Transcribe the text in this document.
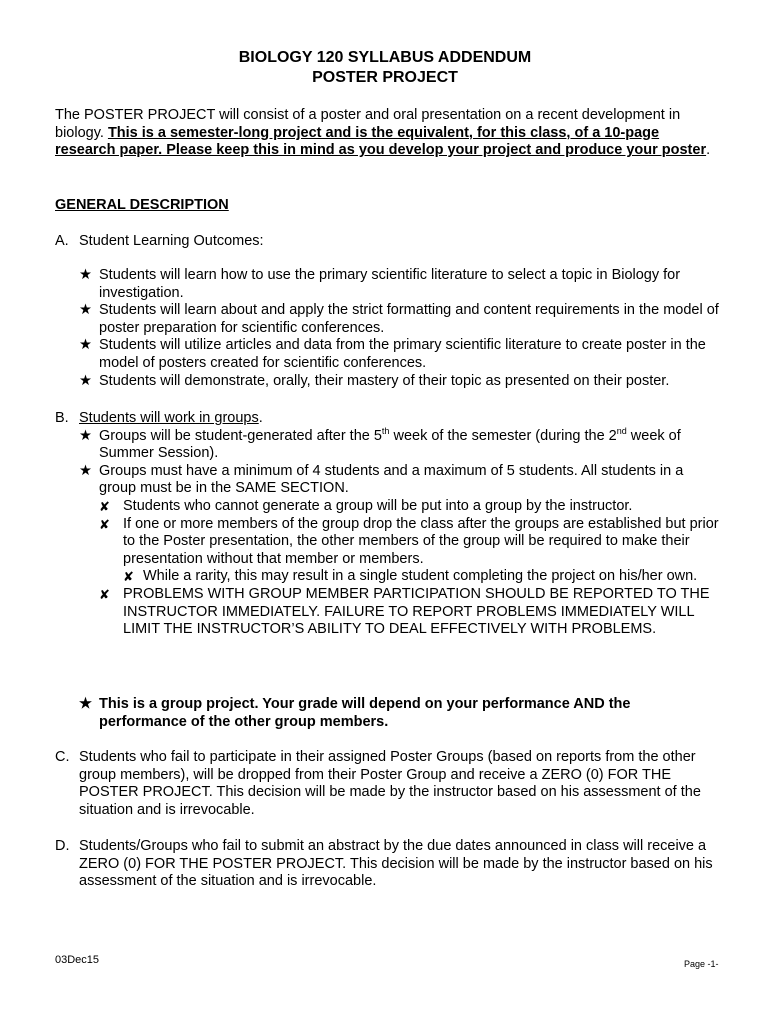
BIOLOGY 120 SYLLABUS ADDENDUM
POSTER PROJECT
The POSTER PROJECT will consist of a poster and oral presentation on a recent development in biology. This is a semester-long project and is the equivalent, for this class, of a 10-page research paper. Please keep this in mind as you develop your project and produce your poster.
GENERAL DESCRIPTION
A. Student Learning Outcomes:
★ Students will learn how to use the primary scientific literature to select a topic in Biology for investigation.
★ Students will learn about and apply the strict formatting and content requirements in the model of poster preparation for scientific conferences.
★ Students will utilize articles and data from the primary scientific literature to create poster in the model of posters created for scientific conferences.
★ Students will demonstrate, orally, their mastery of their topic as presented on their poster.
B. Students will work in groups.
★ Groups will be student-generated after the 5th week of the semester (during the 2nd week of Summer Session).
★ Groups must have a minimum of 4 students and a maximum of 5 students. All students in a group must be in the SAME SECTION.
✘ Students who cannot generate a group will be put into a group by the instructor.
✘ If one or more members of the group drop the class after the groups are established but prior to the Poster presentation, the other members of the group will be required to make their presentation without that member or members.
✘ While a rarity, this may result in a single student completing the project on his/her own.
✘ PROBLEMS WITH GROUP MEMBER PARTICIPATION SHOULD BE REPORTED TO THE INSTRUCTOR IMMEDIATELY. FAILURE TO REPORT PROBLEMS IMMEDIATELY WILL LIMIT THE INSTRUCTOR’S ABILITY TO DEAL EFFECTIVELY WITH PROBLEMS.
★ This is a group project. Your grade will depend on your performance AND the performance of the other group members.
C. Students who fail to participate in their assigned Poster Groups (based on reports from the other group members), will be dropped from their Poster Group and receive a ZERO (0) FOR THE POSTER PROJECT. This decision will be made by the instructor based on his assessment of the situation and is irrevocable.
D. Students/Groups who fail to submit an abstract by the due dates announced in class will receive a ZERO (0) FOR THE POSTER PROJECT. This decision will be made by the instructor based on his assessment of the situation and is irrevocable.
03Dec15	Page -1-
